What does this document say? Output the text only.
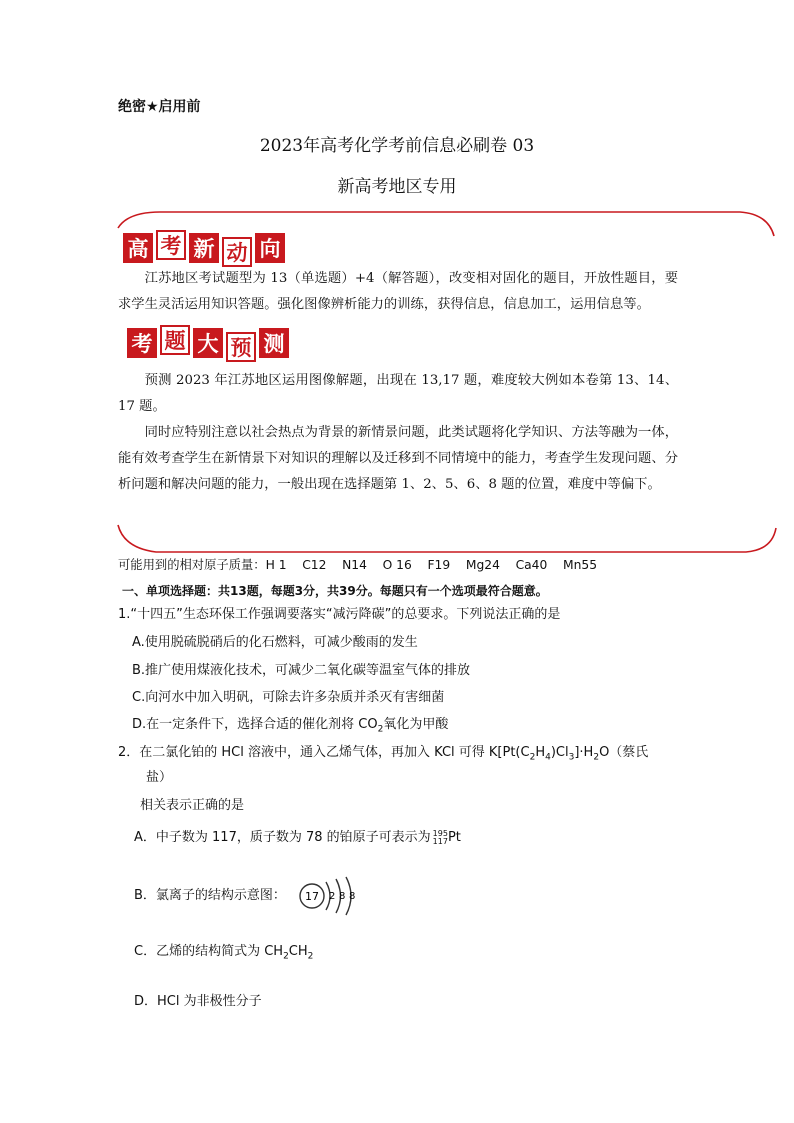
绝密★启用前
2023年高考化学考前信息必刷卷 03
新高考地区专用
高 考 新 动 向

江苏地区考试题型为 13（单选题）+4（解答题），改变相对固化的题目，开放性题目，要求学生灵活运用知识答题。强化图像辨析能力的训练，获得信息，信息加工，运用信息等。

考 题 大 预 测

预测 2023 年江苏地区运用图像解题，出现在 13,17 题，难度较大例如本卷第 13、14、17 题。

同时应特别注意以社会热点为背景的新情景问题，此类试题将化学知识、方法等融为一体，能有效考查学生在新情景下对知识的理解以及迁移到不同情境中的能力，考查学生发现问题、分析问题和解决问题的能力，一般出现在选择题第 1、2、5、6、8 题的位置，难度中等偏下。

可能用到的相对原子质量：H 1 C12 N14 O 16 F19 Mg24 Ca40 Mn55
一、单项选择题：共13题，每题3分，共39分。每题只有一个选项最符合题意。
1.“十四五”生态环保工作强调要落实“减污降碳”的总要求。下列说法正确的是
A.使用脱硫脱硝后的化石燃料，可减少酸雨的发生
B.推广使用煤液化技术，可减少二氧化碳等温室气体的排放
C.向河水中加入明矾，可除去许多杂质并杀灭有害细菌
D.在一定条件下，选择合适的催化剂将 $CO_2$氧化为甲酸
2．在二氯化铂的 HCl 溶液中，通入乙烯气体，再加入 KCl 可得 $K[Pt(C_2H_4)Cl_3]\cdot H_2O$（蔡氏
盐）
相关表示正确的是
A．中子数为 117，质子数为 78 的铂原子可表示为 195
117 Pt
B．氯离子的结构示意图： 17 2 8 8
C．乙烯的结构简式为 $CH_2CH_2$
D．HCl 为非极性分子
